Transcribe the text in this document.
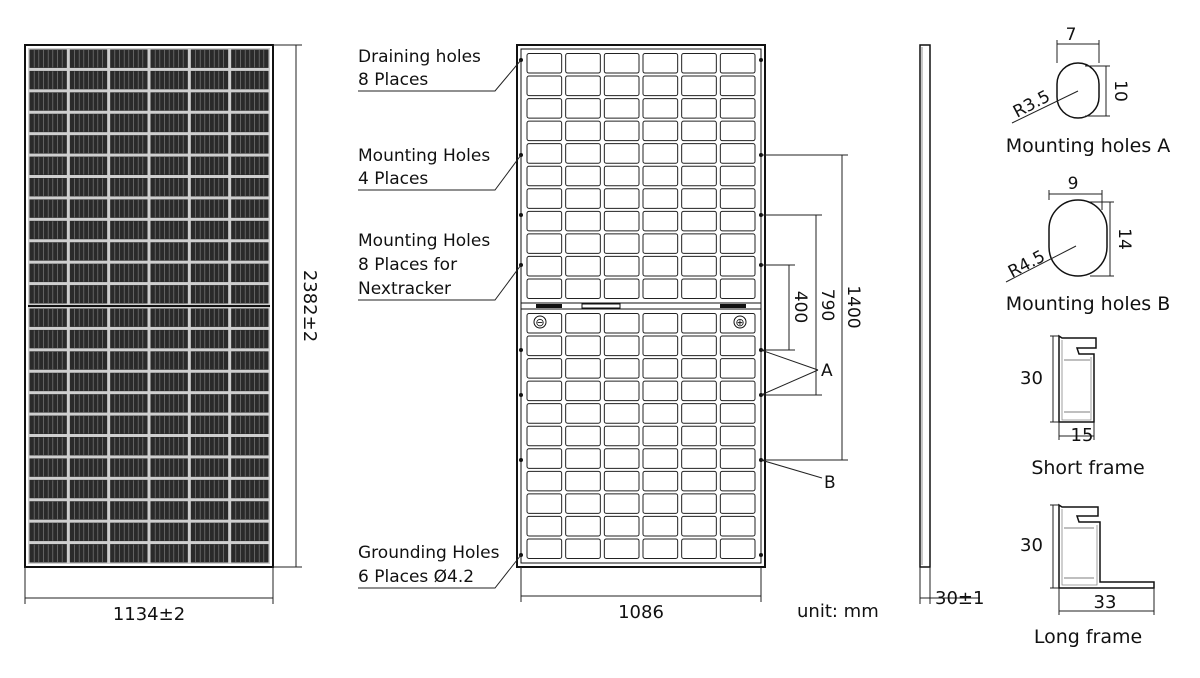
2382±2
1134±2
⊖	⊕
Draining holes
8 Places
Mounting Holes
4 Places
Mounting Holes
8 Places for
Nextracker
Grounding Holes
6 Places Ø4.2
400 790 1400
A
B
1086	unit: mm
30±1
7
10
R3.5
Mounting holes A
9
14
R4.5
Mounting holes B
30
15
Short frame
30
33
Long frame
